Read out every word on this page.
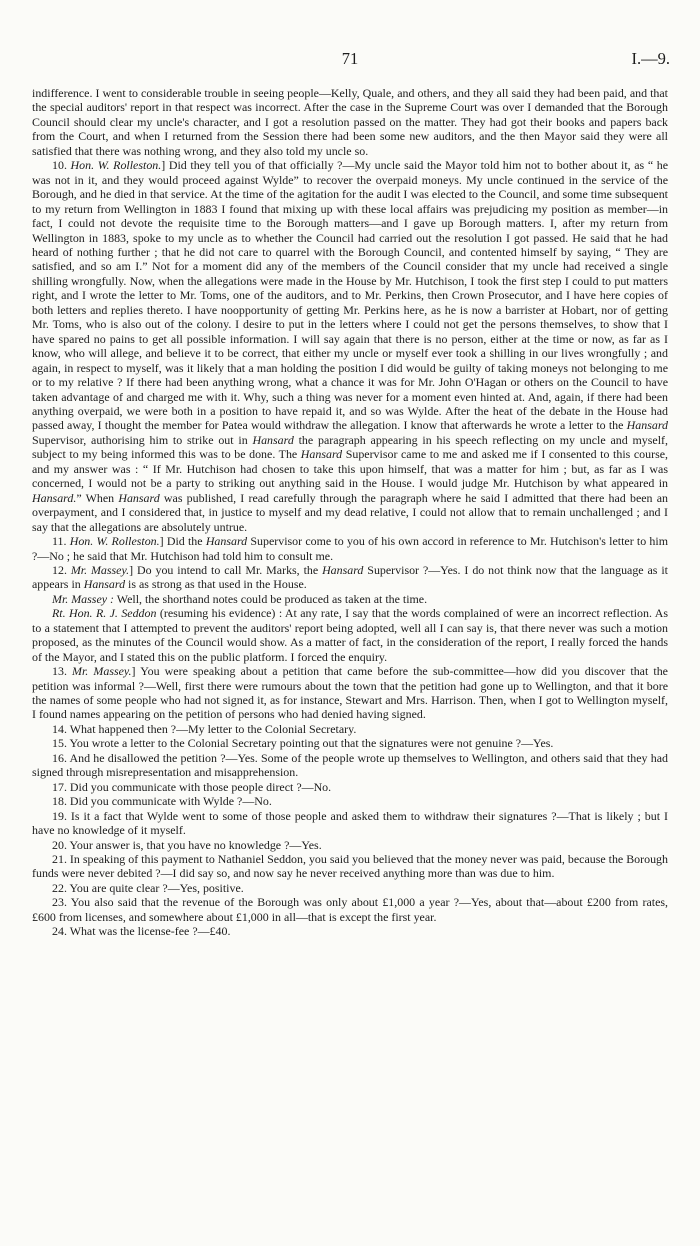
71	I.—9.

indifference. I went to considerable trouble in seeing people—Kelly, Quale, and others, and they all said they had been paid, and that the special auditors' report in that respect was incorrect. After the case in the Supreme Court was over I demanded that the Borough Council should clear my uncle's character, and I got a resolution passed on the matter. They had got their books and papers back from the Court, and when I returned from the Session there had been some new auditors, and the then Mayor said they were all satisfied that there was nothing wrong, and they also told my uncle so.

10. Hon. W. Rolleston.] Did they tell you of that officially ?—My uncle said the Mayor told him not to bother about it, as “ he was not in it, and they would proceed against Wylde” to recover the overpaid moneys. My uncle continued in the service of the Borough, and he died in that service. At the time of the agitation for the audit I was elected to the Council, and some time subsequent to my return from Wellington in 1883 I found that mixing up with these local affairs was prejudicing my position as member—in fact, I could not devote the requisite time to the Borough matters—and I gave up Borough matters. I, after my return from Wellington in 1883, spoke to my uncle as to whether the Council had carried out the resolution I got passed. He said that he had heard of nothing further ; that he did not care to quarrel with the Borough Council, and contented himself by saying, “ They are satisfied, and so am I.” Not for a moment did any of the members of the Council consider that my uncle had received a single shilling wrongfully. Now, when the allegations were made in the House by Mr. Hutchison, I took the first step I could to put matters right, and I wrote the letter to Mr. Toms, one of the auditors, and to Mr. Perkins, then Crown Prosecutor, and I have here copies of both letters and replies thereto. I have noopportunity of getting Mr. Perkins here, as he is now a barrister at Hobart, nor of getting Mr. Toms, who is also out of the colony. I desire to put in the letters where I could not get the persons themselves, to show that I have spared no pains to get all possible information. I will say again that there is no person, either at the time or now, as far as I know, who will allege, and believe it to be correct, that either my uncle or myself ever took a shilling in our lives wrongfully ; and again, in respect to myself, was it likely that a man holding the position I did would be guilty of taking moneys not belonging to me or to my relative ? If there had been anything wrong, what a chance it was for Mr. John O'Hagan or others on the Council to have taken advantage of and charged me with it. Why, such a thing was never for a moment even hinted at. And, again, if there had been anything overpaid, we were both in a position to have repaid it, and so was Wylde. After the heat of the debate in the House had passed away, I thought the member for Patea would withdraw the allegation. I know that afterwards he wrote a letter to the Hansard Supervisor, authorising him to strike out in Hansard the paragraph appearing in his speech reflecting on my uncle and myself, subject to my being informed this was to be done. The Hansard Supervisor came to me and asked me if I consented to this course, and my answer was : “ If Mr. Hutchison had chosen to take this upon himself, that was a matter for him ; but, as far as I was concerned, I would not be a party to striking out anything said in the House. I would judge Mr. Hutchison by what appeared in Hansard.” When Hansard was published, I read carefully through the paragraph where he said I admitted that there had been an overpayment, and I considered that, in justice to myself and my dead relative, I could not allow that to remain unchallenged ; and I say that the allegations are absolutely untrue.

11. Hon. W. Rolleston.] Did the Hansard Supervisor come to you of his own accord in reference to Mr. Hutchison's letter to him ?—No ; he said that Mr. Hutchison had told him to consult me.

12. Mr. Massey.] Do you intend to call Mr. Marks, the Hansard Supervisor ?—Yes. I do not think now that the language as it appears in Hansard is as strong as that used in the House.

Mr. Massey : Well, the shorthand notes could be produced as taken at the time.

Rt. Hon. R. J. Seddon (resuming his evidence) : At any rate, I say that the words complained of were an incorrect reflection. As to a statement that I attempted to prevent the auditors' report being adopted, well all I can say is, that there never was such a motion proposed, as the minutes of the Council would show. As a matter of fact, in the consideration of the report, I really forced the hands of the Mayor, and I stated this on the public platform. I forced the enquiry.

13. Mr. Massey.] You were speaking about a petition that came before the sub-committee—how did you discover that the petition was informal ?—Well, first there were rumours about the town that the petition had gone up to Wellington, and that it bore the names of some people who had not signed it, as for instance, Stewart and Mrs. Harrison. Then, when I got to Wellington myself, I found names appearing on the petition of persons who had denied having signed.

14. What happened then ?—My letter to the Colonial Secretary.

15. You wrote a letter to the Colonial Secretary pointing out that the signatures were not genuine ?—Yes.

16. And he disallowed the petition ?—Yes. Some of the people wrote up themselves to Wellington, and others said that they had signed through misrepresentation and misapprehension.

17. Did you communicate with those people direct ?—No.

18. Did you communicate with Wylde ?—No.

19. Is it a fact that Wylde went to some of those people and asked them to withdraw their signatures ?—That is likely ; but I have no knowledge of it myself.

20. Your answer is, that you have no knowledge ?—Yes.

21. In speaking of this payment to Nathaniel Seddon, you said you believed that the money never was paid, because the Borough funds were never debited ?—I did say so, and now say he never received anything more than was due to him.

22. You are quite clear ?—Yes, positive.

23. You also said that the revenue of the Borough was only about £1,000 a year ?—Yes, about that—about £200 from rates, £600 from licenses, and somewhere about £1,000 in all—that is except the first year.

24. What was the license-fee ?—£40.
